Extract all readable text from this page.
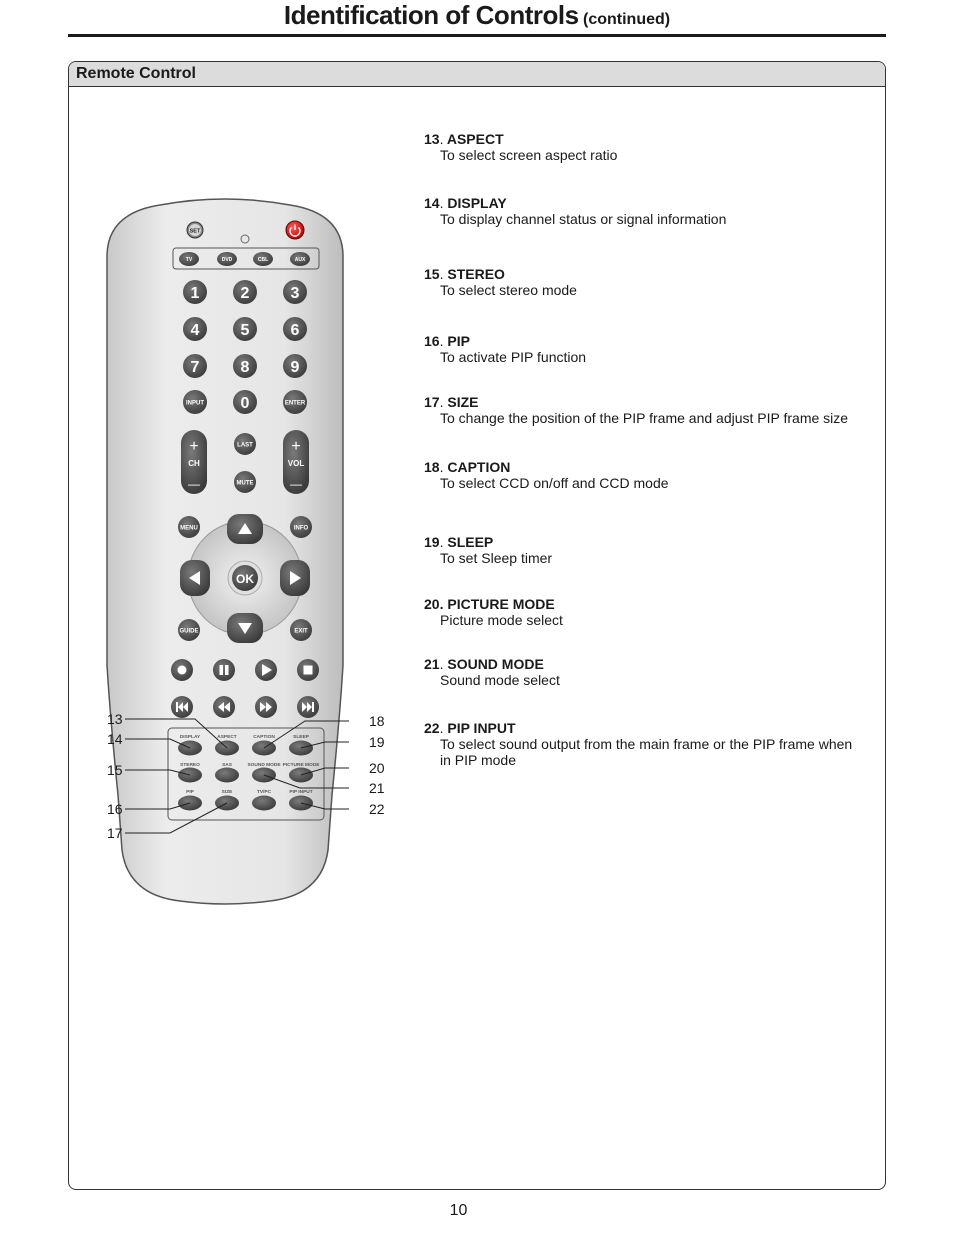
Identification of Controls (continued)
Remote Control
SET
TV	DVD	CBL	AUX
1	2	3
4	5	6
7	8	9
0
INPUT	ENTER
+
CH
—
+
VOL
—
LAST
MUTE
MENU	INFO
GUIDE	EXIT
OK
DISPLAY	ASPECT	CAPTION	SLEEP
STEREO	SAS	SOUND MODE PICTURE MODE
PIP	SIZE	TV/PC	PIP INPUT
13
14
15
16
17
18
19
20
21
22
13. ASPECT
To select screen aspect ratio
14. DISPLAY
To display channel status or signal information
15. STEREO
To select stereo mode
16. PIP
To activate PIP function
17. SIZE
To change the position of the PIP frame and adjust PIP frame size
18. CAPTION
To select CCD on/off and CCD mode
19. SLEEP
To set Sleep timer
20. PICTURE MODE
Picture mode select
21. SOUND MODE
Sound mode select
22. PIP INPUT
To select sound output from the main frame or the PIP frame when in PIP mode
10
